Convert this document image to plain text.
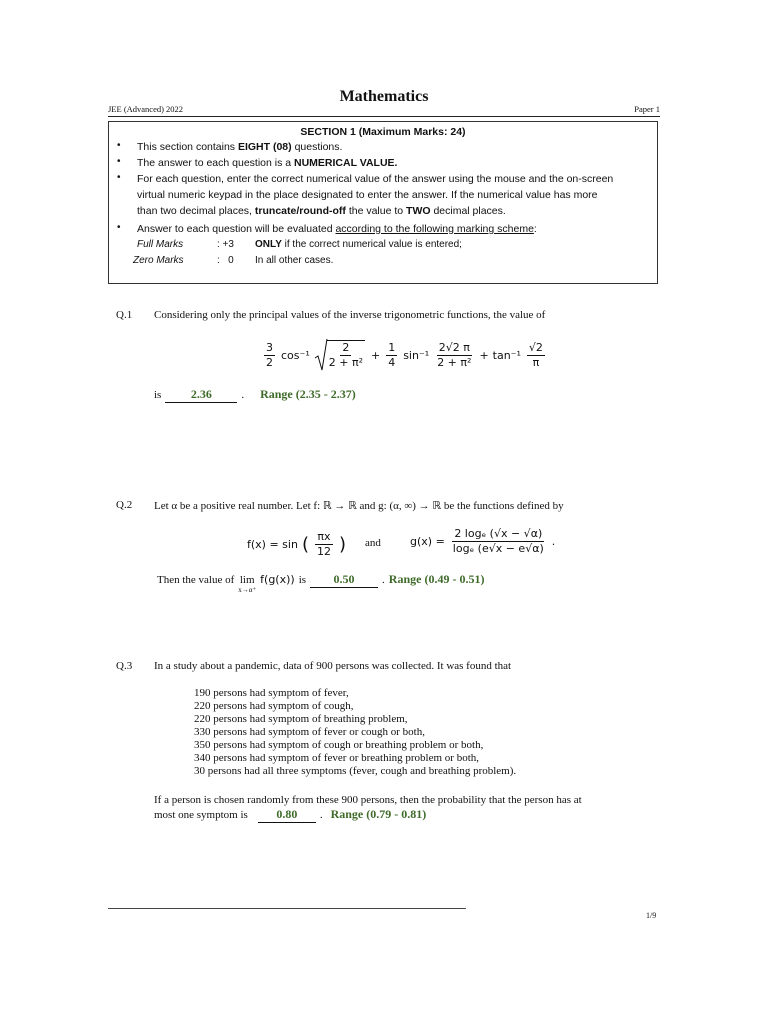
JEE (Advanced) 2022
Mathematics
Paper 1
SECTION 1 (Maximum Marks: 24)
• This section contains EIGHT (08) questions.
• The answer to each question is a NUMERICAL VALUE.
• For each question, enter the correct numerical value of the answer using the mouse and the on-screen
virtual numeric keypad in the place designated to enter the answer. If the numerical value has more
than two decimal places, truncate/round-off the value to TWO decimal places.
• Answer to each question will be evaluated according to the following marking scheme:
Full Marks	: +3 ONLY if the correct numerical value is entered;
Zero Marks	:   0 In all other cases.
Q.1 Considering only the principal values of the inverse trigonometric functions, the value of
$\frac{3}{2} \cos^{-1} \frac{2}{\text{2 + π²}} + \frac{1}{4} \sin^{-1} \frac{2√2 \pi}{\text{2 + π²}} + \tan^{-1} \frac{√2}{\pi}$
is	2.36	. Range (2.35 - 2.37)
Q.2 Let α be a positive real number. Let f: ℝ → ℝ and g: (α, ∞) → ℝ be the functions defined by
f(x) = sin ( $\frac{\pi x}{12}$ ) and	$g(x) = \frac{\text{2 logₑ (√x − √α)}}{\text{logₑ (e√x − e√α)}}$ .
Then the value of lim
x→α⁺
f(g(x)) is	0.50	. Range (0.49 - 0.51)
Q.3 In a study about a pandemic, data of 900 persons was collected. It was found that
190 persons had symptom of fever,
220 persons had symptom of cough,
220 persons had symptom of breathing problem,
330 persons had symptom of fever or cough or both,
350 persons had symptom of cough or breathing problem or both,
340 persons had symptom of fever or breathing problem or both,
30 persons had all three symptoms (fever, cough and breathing problem).
If a person is chosen randomly from these 900 persons, then the probability that the person has at
most one symptom is	0.80	. Range (0.79 - 0.81)
1/9
